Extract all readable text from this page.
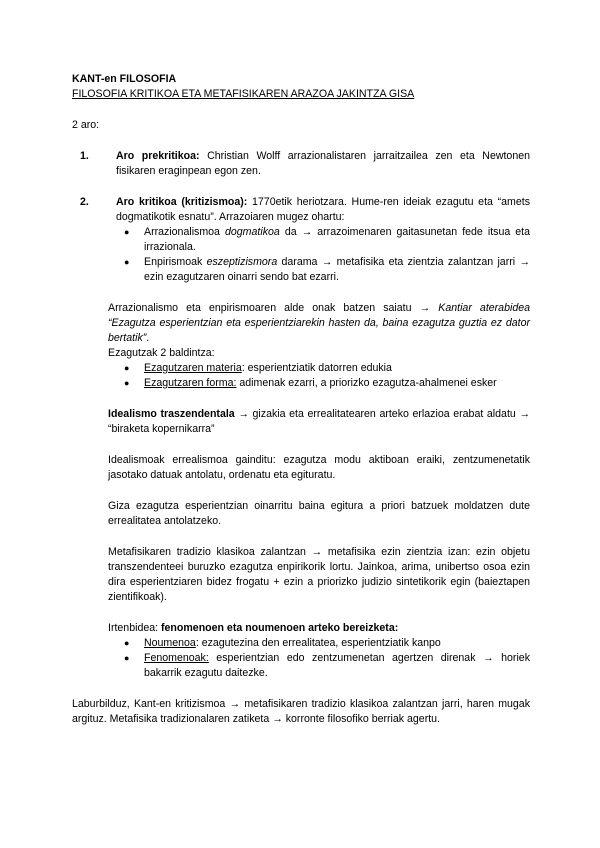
KANT-en FILOSOFIA

FILOSOFIA KRITIKOA ETA METAFISIKAREN ARAZOA JAKINTZA GISA

2 aro:

1.	Aro prekritikoa: Christian Wolff arrazionalistaren jarraitzailea zen eta Newtonen fisikaren eraginpean egon zen.
2.	Aro kritikoa (kritizismoa): 1770etik heriotzara. Hume-ren ideiak ezagutu eta “amets dogmatikotik esnatu”. Arrazoiaren mugez ohartu:
● Arrazionalismoa dogmatikoa da → arrazoimenaren gaitasunetan fede itsua eta irrazionala.
● Enpirismoak eszeptizismora darama → metafisika eta zientzia zalantzan jarri → ezin ezagutzaren oinarri sendo bat ezarri.

Arrazionalismo eta enpirismoaren alde onak batzen saiatu → Kantiar aterabidea “Ezagutza esperientzian eta esperientziarekin hasten da, baina ezagutza guztia ez dator bertatik”.

Ezagutzak 2 baldintza:

● Ezagutzaren materia: esperientziatik datorren edukia
● Ezagutzaren forma: adimenak ezarri, a priorizko ezagutza-ahalmenei esker

Idealismo traszendentala → gizakia eta errealitatearen arteko erlazioa erabat aldatu → “biraketa kopernikarra”

Idealismoak errealismoa gainditu: ezagutza modu aktiboan eraiki, zentzumenetatik jasotako datuak antolatu, ordenatu eta egituratu.

Giza ezagutza esperientzian oinarritu baina egitura a priori batzuek moldatzen dute errealitatea antolatzeko.

Metafisikaren tradizio klasikoa zalantzan → metafisika ezin zientzia izan: ezin objetu transzendenteei buruzko ezagutza enpirikorik lortu. Jainkoa, arima, unibertso osoa ezin dira esperientziaren bidez frogatu + ezin a priorizko judizio sintetikorik egin (baieztapen zientifikoak).

Irtenbidea: fenomenoen eta noumenoen arteko bereizketa:

● Noumenoa: ezagutezina den errealitatea, esperientziatik kanpo
● Fenomenoak: esperientzian edo zentzumenetan agertzen direnak → horiek bakarrik ezagutu daitezke.

Laburbilduz, Kant-en kritizismoa → metafisikaren tradizio klasikoa zalantzan jarri, haren mugak argituz. Metafisika tradizionalaren zatiketa → korronte filosofiko berriak agertu.
